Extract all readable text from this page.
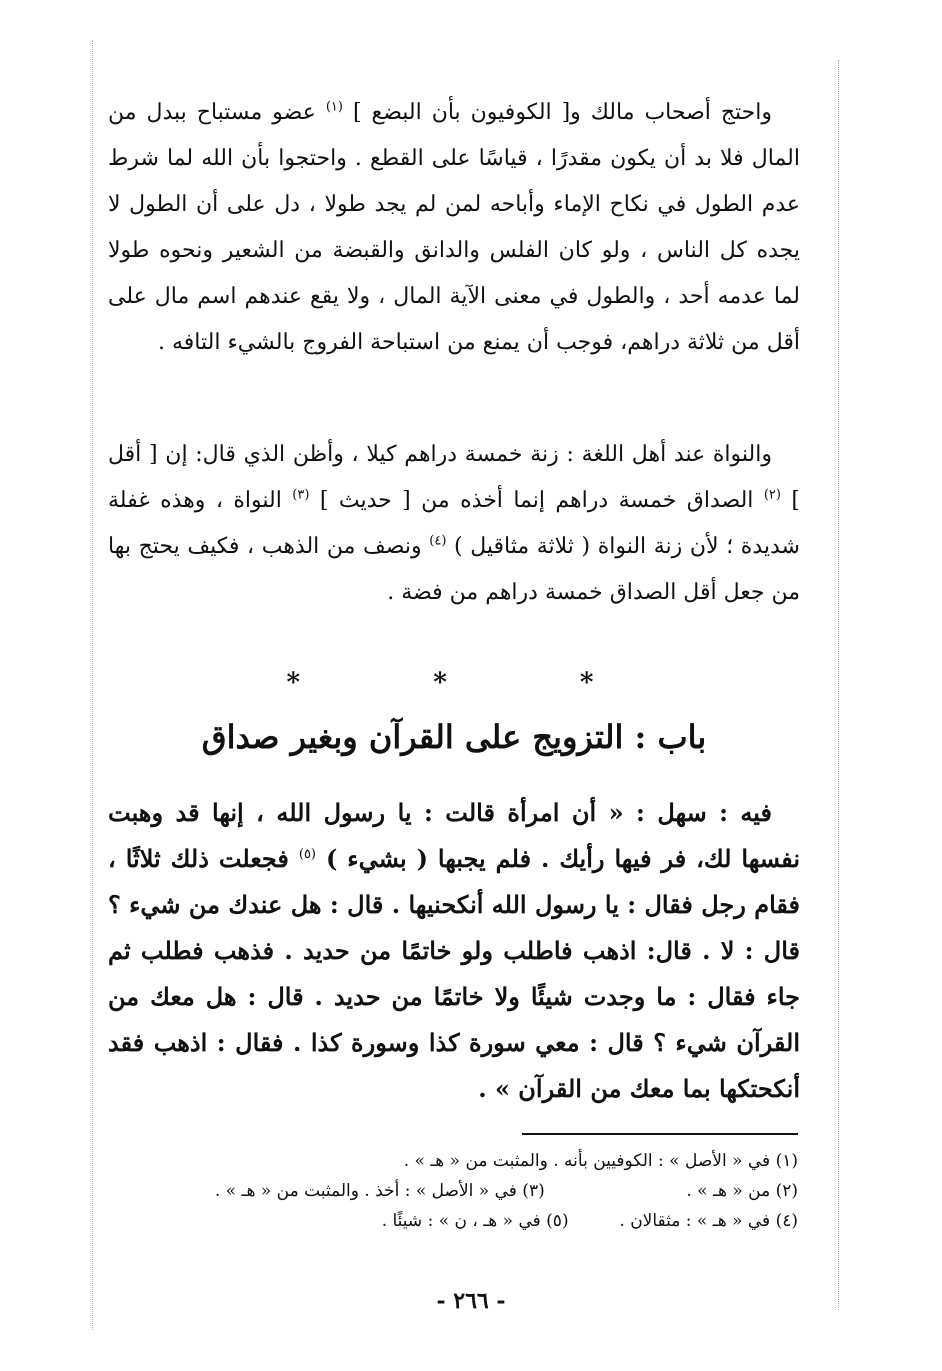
واحتج أصحاب مالك و[ الكوفيون بأن البضع ] $^{(١)}$ عضو مستباح ببدل من المال فلا بد أن يكون مقدرًا ، قياسًا على القطع . واحتجوا بأن الله لما شرط عدم الطول في نكاح الإماء وأباحه لمن لم يجد طولا ، دل على أن الطول لا يجده كل الناس ، ولو كان الفلس والدانق والقبضة من الشعير ونحوه طولا لما عدمه أحد ، والطول في معنى الآية المال ، ولا يقع عندهم اسم مال على أقل من ثلاثة دراهم، فوجب أن يمنع من استباحة الفروج بالشيء التافه .

والنواة عند أهل اللغة : زنة خمسة دراهم كيلا ، وأظن الذي قال: إن [ أقل ] $^{(٢)}$ الصداق خمسة دراهم إنما أخذه من [ حديث ] $^{(٣)}$ النواة ، وهذه غفلة شديدة ؛ لأن زنة النواة ( ثلاثة مثاقيل ) $^{(٤)}$ ونصف من الذهب ، فكيف يحتج بها من جعل أقل الصداق خمسة دراهم من فضة .

* * *
باب : التزويج على القرآن وبغير صداق
فيه : سهل : « أن امرأة قالت : يا رسول الله ، إنها قد وهبت نفسها لك، فر فيها رأيك . فلم يجبها ( بشيء ) $^{(٥)}$ فجعلت ذلك ثلاثًا ، فقام رجل فقال : يا رسول الله أنكحنيها . قال : هل عندك من شيء ؟ قال : لا . قال: اذهب فاطلب ولو خاتمًا من حديد . فذهب فطلب ثم جاء فقال : ما وجدت شيئًا ولا خاتمًا من حديد . قال : هل معك من القرآن شيء ؟ قال : معي سورة كذا وسورة كذا . فقال : اذهب فقد أنكحتكها بما معك من القرآن » .
(١) في « الأصل » : الكوفيين بأنه . والمثبت من « هـ » .
(٢) من « هـ » .    (٣) في « الأصل » : أخذ . والمثبت من « هـ » .
(٤) في « هـ » : مثقالان .  (٥) في « هـ ، ن » : شيئًا .
- ٢٦٦ -
